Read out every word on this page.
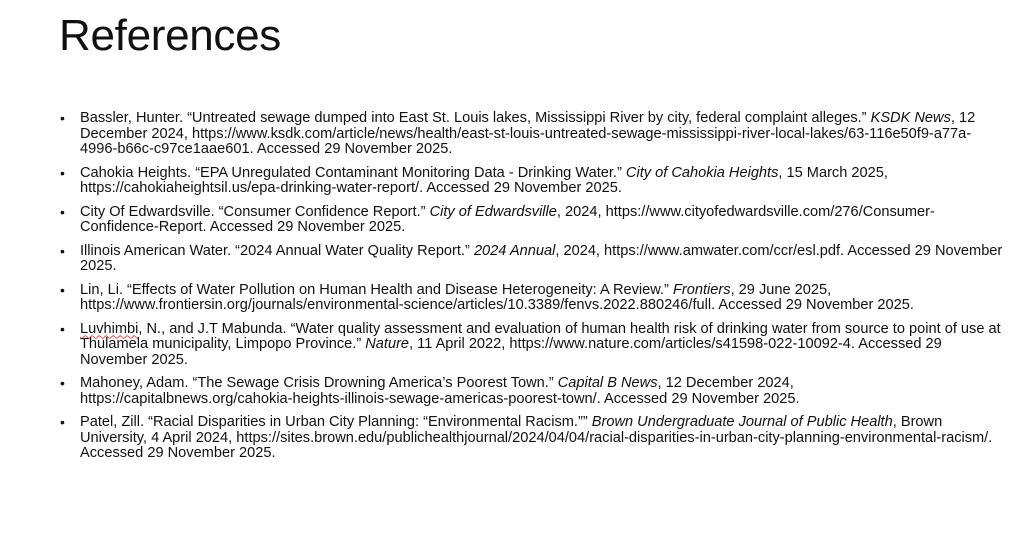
References
• Bassler, Hunter. “Untreated sewage dumped into East St. Louis lakes, Mississippi River by city, federal complaint alleges.” KSDK News, 12 December 2024, https://www.ksdk.com/article/news/health/east-st-louis-untreated-sewage-mississippi-river-local-lakes/63-116e50f9-a77a-4996-b66c-c97ce1aae601. Accessed 29 November 2025.
• Cahokia Heights. “EPA Unregulated Contaminant Monitoring Data - Drinking Water.” City of Cahokia Heights, 15 March 2025, https://cahokiaheightsil.us/epa-drinking-water-report/. Accessed 29 November 2025.
• City Of Edwardsville. “Consumer Confidence Report.” City of Edwardsville, 2024, https://www.cityofedwardsville.com/276/Consumer-Confidence-Report. Accessed 29 November 2025.
• Illinois American Water. “2024 Annual Water Quality Report.” 2024 Annual, 2024, https://www.amwater.com/ccr/esl.pdf. Accessed 29 November 2025.
• Lin, Li. “Effects of Water Pollution on Human Health and Disease Heterogeneity: A Review.” Frontiers, 29 June 2025, https://www.frontiersin.org/journals/environmental-science/articles/10.3389/fenvs.2022.880246/full. Accessed 29 November 2025.
• Luvhimbi, N., and J.T Mabunda. “Water quality assessment and evaluation of human health risk of drinking water from source to point of use at Thulamela municipality, Limpopo Province.” Nature, 11 April 2022, https://www.nature.com/articles/s41598-022-10092-4. Accessed 29 November 2025.
• Mahoney, Adam. “The Sewage Crisis Drowning America’s Poorest Town.” Capital B News, 12 December 2024, https://capitalbnews.org/cahokia-heights-illinois-sewage-americas-poorest-town/. Accessed 29 November 2025.
• Patel, Zill. “Racial Disparities in Urban City Planning: “Environmental Racism.”” Brown Undergraduate Journal of Public Health, Brown University, 4 April 2024, https://sites.brown.edu/publichealthjournal/2024/04/04/racial-disparities-in-urban-city-planning-environmental-racism/. Accessed 29 November 2025.
